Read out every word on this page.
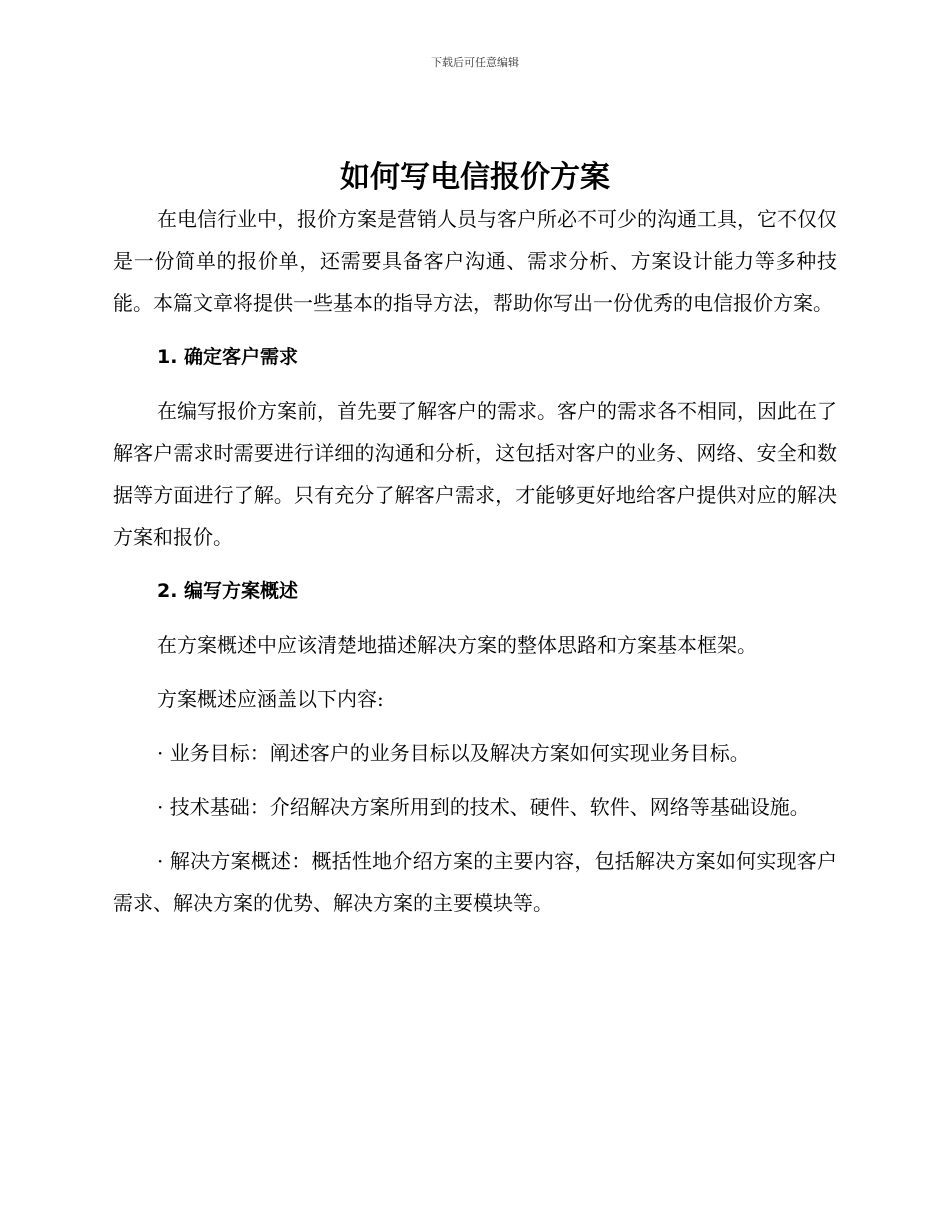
下载后可任意编辑
如何写电信报价方案

在电信行业中，报价方案是营销人员与客户所必不可少的沟通工具，它不仅仅是一份简单的报价单，还需要具备客户沟通、需求分析、方案设计能力等多种技能。本篇文章将提供一些基本的指导方法，帮助你写出一份优秀的电信报价方案。

1. 确定客户需求

在编写报价方案前，首先要了解客户的需求。客户的需求各不相同，因此在了解客户需求时需要进行详细的沟通和分析，这包括对客户的业务、网络、安全和数据等方面进行了解。只有充分了解客户需求，才能够更好地给客户提供对应的解决方案和报价。

2. 编写方案概述

在方案概述中应该清楚地描述解决方案的整体思路和方案基本框架。

方案概述应涵盖以下内容:

· 业务目标：阐述客户的业务目标以及解决方案如何实现业务目标。

· 技术基础：介绍解决方案所用到的技术、硬件、软件、网络等基础设施。

· 解决方案概述：概括性地介绍方案的主要内容，包括解决方案如何实现客户需求、解决方案的优势、解决方案的主要模块等。
